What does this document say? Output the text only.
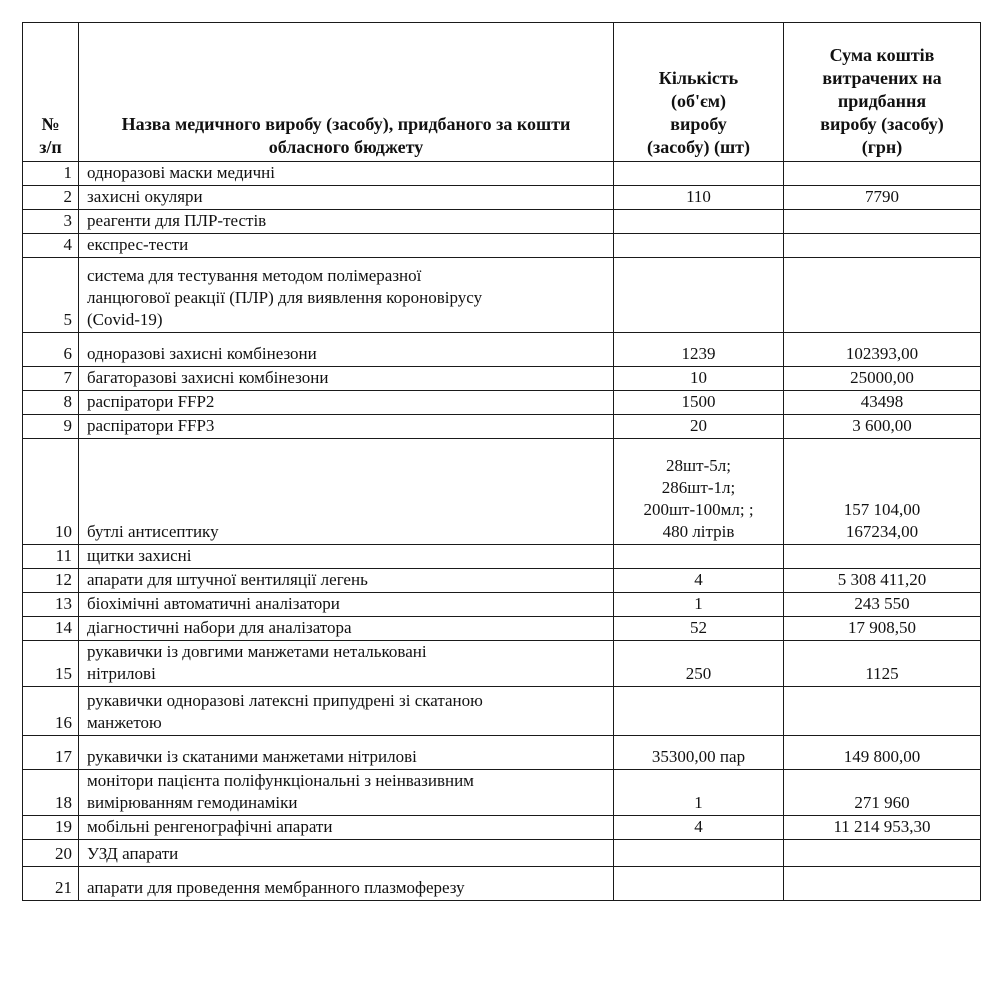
№
з/п	Назва медичного виробу (засобу), придбаного за кошти обласного бюджету	Кількість
(об'єм)
виробу
(засобу) (шт)	Сума коштів
витрачених на
придбання
виробу (засобу)
(грн)
1	одноразові маски медичні		
2	захисні окуляри	110	7790
3	реагенти для ПЛР-тестів		
4	експрес-тести		
5	система для тестування методом полімеразної
ланцюгової реакції (ПЛР) для виявлення короновірусу
(Covid-19)		
6	одноразові захисні комбінезони	1239	102393,00
7	багаторазові захисні комбінезони	10	25000,00
8	распіратори FFP2	1500	43498
9	распіратори FFP3	20	3 600,00
10	бутлі антисептику	28шт-5л;
286шт-1л;
200шт-100мл; ;
480 літрів	157 104,00
167234,00
11	щитки захисні		
12	апарати для штучної вентиляції легень	4	5 308 411,20
13	біохімічні автоматичні аналізатори	1	243 550
14	діагностичні набори для аналізатора	52	17 908,50
15	рукавички із довгими манжетами нетальковані
нітрилові	250	1125
16	рукавички одноразові латексні припудрені зі скатаною
манжетою		
17	рукавички із скатаними манжетами нітрилові	35300,00 пар	149 800,00
18	монітори пацієнта поліфункціональні з неінвазивним
вимірюванням гемодинаміки	1	271 960
19	мобільні ренгенографічні апарати	4	11 214 953,30
20	УЗД апарати		
21	апарати для проведення мембранного плазмоферезу		
